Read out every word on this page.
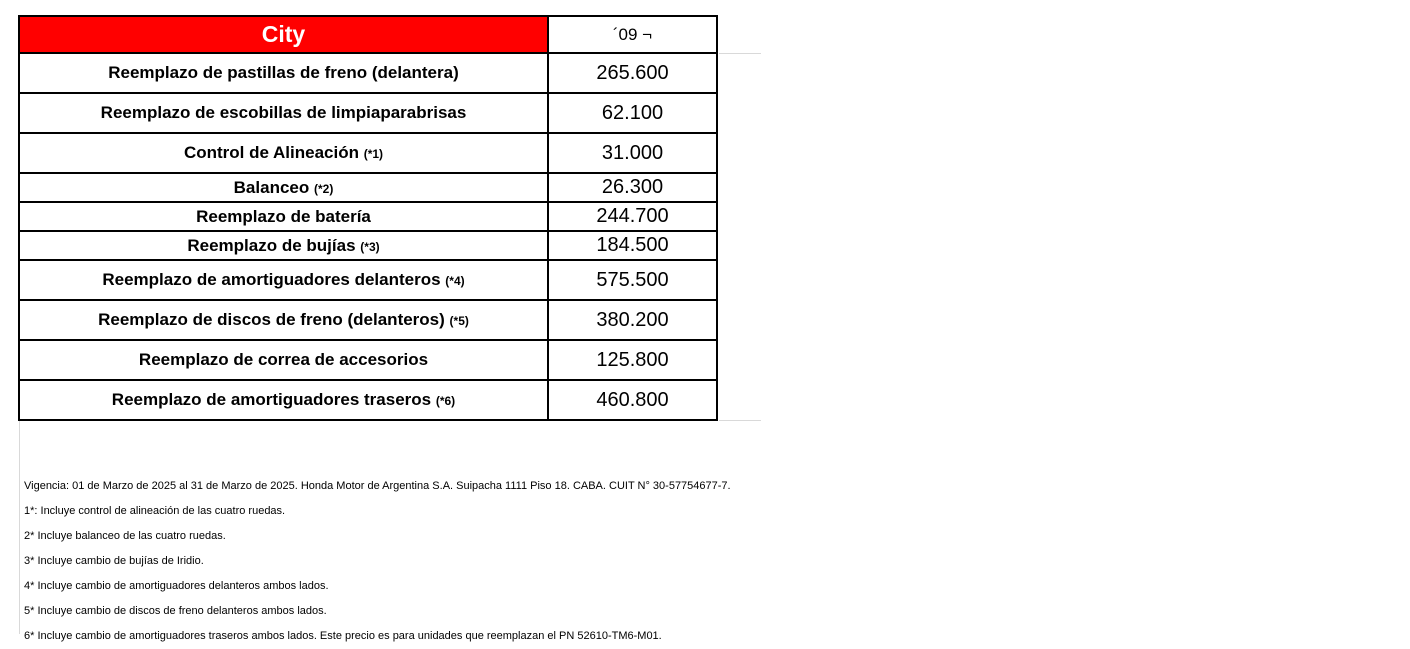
City	´09 ¬
Reemplazo de pastillas de freno (delantera)	265.600
Reemplazo de escobillas de limpiaparabrisas	62.100
Control de Alineación (*1)	31.000
Balanceo (*2)	26.300
Reemplazo de batería	244.700
Reemplazo de bujías (*3)	184.500
Reemplazo de amortiguadores delanteros (*4)	575.500
Reemplazo de discos de freno (delanteros) (*5)	380.200
Reemplazo de correa de accesorios	125.800
Reemplazo de amortiguadores traseros (*6)	460.800

Vigencia: 01 de Marzo de 2025 al 31 de Marzo de 2025. Honda Motor de Argentina S.A. Suipacha 1111 Piso 18. CABA. CUIT N° 30-57754677-7.

1*: Incluye control de alineación de las cuatro ruedas.

2* Incluye balanceo de las cuatro ruedas.

3* Incluye cambio de bujías de Iridio.

4* Incluye cambio de amortiguadores delanteros ambos lados.

5* Incluye cambio de discos de freno delanteros ambos lados.

6* Incluye cambio de amortiguadores traseros ambos lados. Este precio es para unidades que reemplazan el PN 52610-TM6-M01.
